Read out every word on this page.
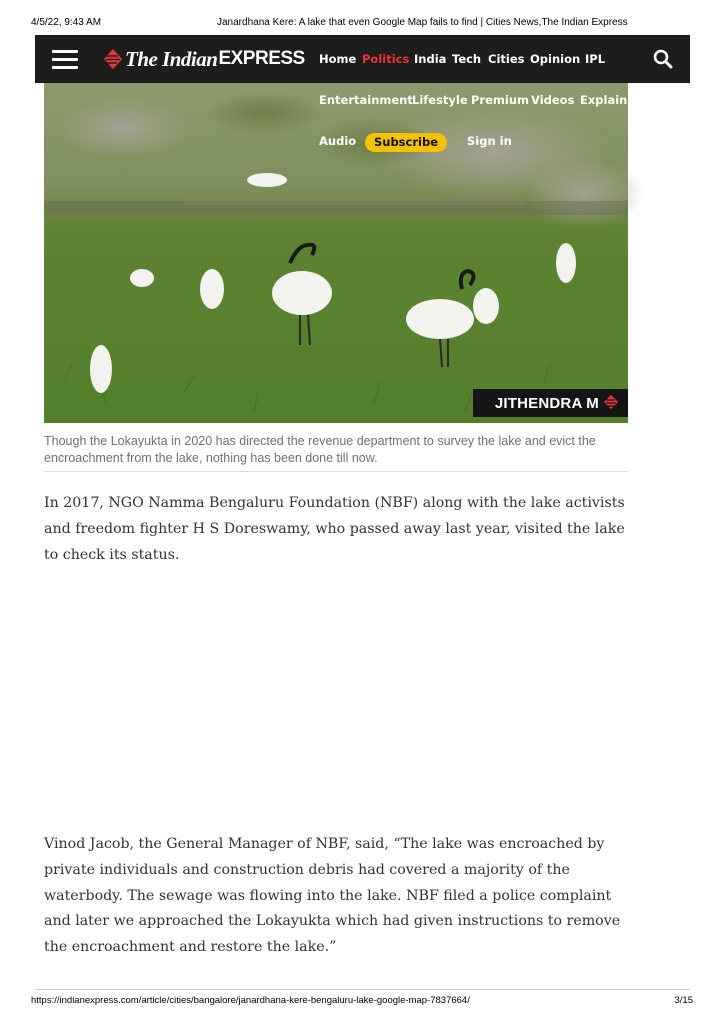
4/5/22, 9:43 AM	Janardhana Kere: A lake that even Google Map fails to find | Cities News,The Indian Express
JITHENDRA M
The Indian EXPRESS Home Politics India Tech Cities Opinion IPL
Entertainment Lifestyle Premium Videos Explaine
Audio	Subscribe	Sign in
Though the Lokayukta in 2020 has directed the revenue department to survey the lake and evict the encroachment from the lake, nothing has been done till now.

In 2017, NGO Namma Bengaluru Foundation (NBF) along with the lake activists and freedom fighter H S Doreswamy, who passed away last year, visited the lake to check its status.

Vinod Jacob, the General Manager of NBF, said, “The lake was encroached by private individuals and construction debris had covered a majority of the waterbody. The sewage was flowing into the lake. NBF filed a police complaint and later we approached the Lokayukta which had given instructions to remove the encroachment and restore the lake.”

https://indianexpress.com/article/cities/bangalore/janardhana-kere-bengaluru-lake-google-map-7837664/	3/15
